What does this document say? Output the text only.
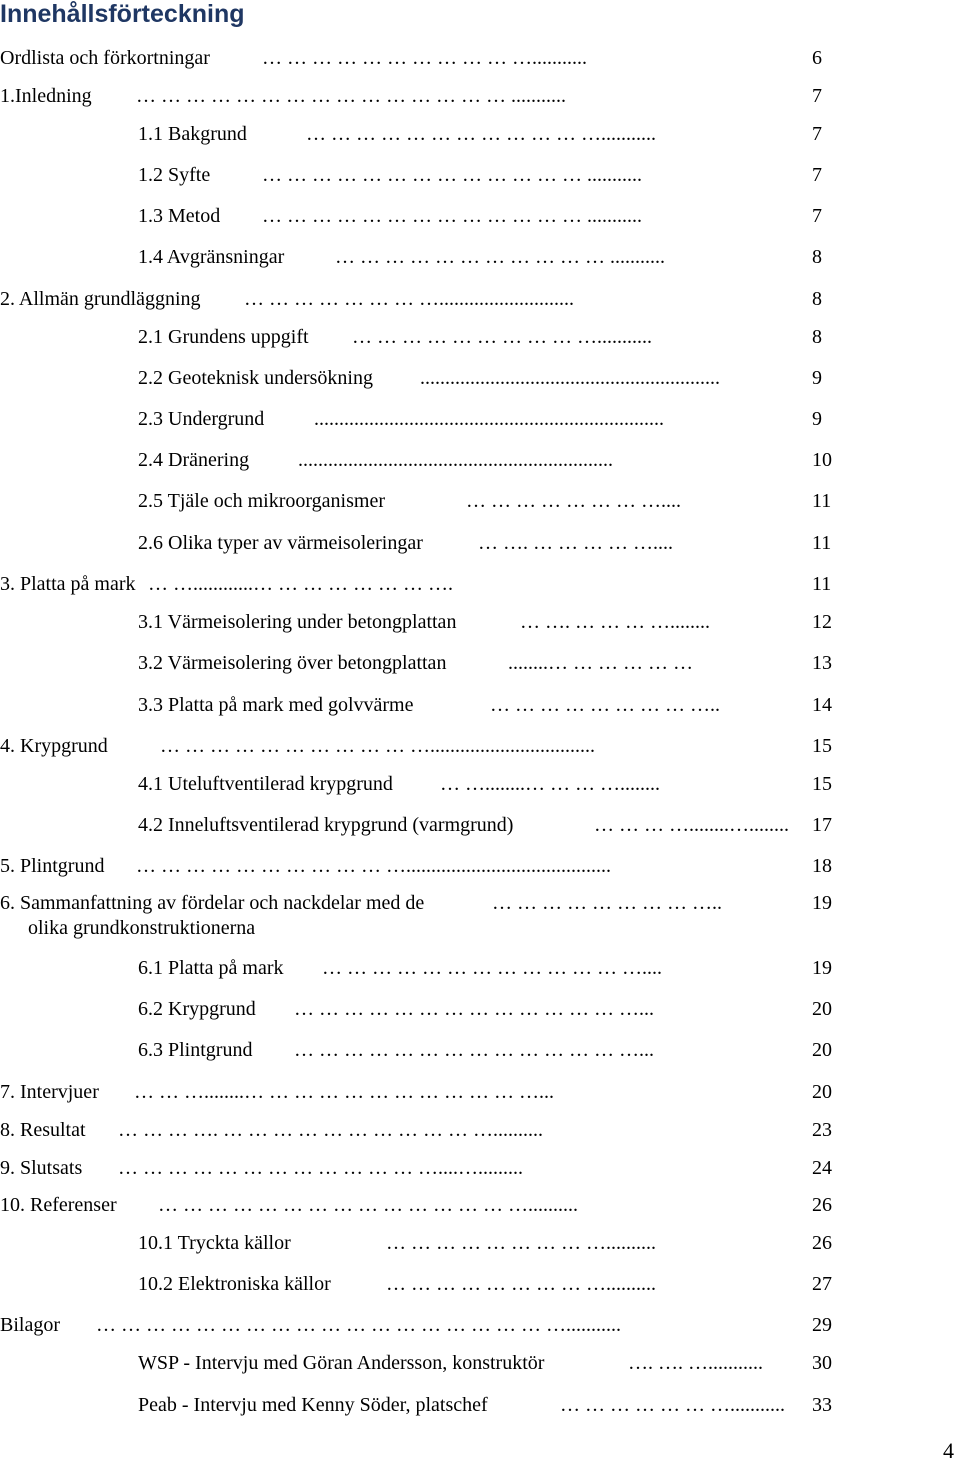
Innehållsförteckning
Ordlista och förkortningar	… … … … … … … … … … …...........	6
1.Inledning … … … … … … … … … … … … … … … ...........	7
1.1 Bakgrund	… … … … … … … … … … … …...........	7
1.2 Syfte	… … … … … … … … … … … … … ...........	7
1.3 Metod … … … … … … … … … … … … … ...........	7
1.4 Avgränsningar	… … … … … … … … … … … ...........	8
2. Allmän grundläggning … … … … … … … …...........................	8
2.1 Grundens uppgift … … … … … … … … … …...........	8
2.2 Geoteknisk undersökning ............................................................	9
2.3 Undergrund ......................................................................	9
2.4 Dränering ...............................................................	10
2.5 Tjäle och mikroorganismer	… … … … … … … …....	11
2.6 Olika typer av värmeisoleringar	… …. … … … … …....	11
3. Platta på mark … …............… … … … … … … ….	11
3.1 Värmeisolering under betongplattan	… …. … … … …........	12
3.2 Värmeisolering över betongplattan	........… … … … … …	13
3.3 Platta på mark med golvvärme	… … … … … … … … …..	14
4. Krypgrund	… … … … … … … … … … ….................................	15
4.1 Uteluftventilerad krypgrund … …........… … … …........	15
4.2 Inneluftsventilerad krypgrund (varmgrund)	… … … …........…........ 17
5. Plintgrund … … … … … … … … … … ….........................................	18
6. Sammanfattning av fördelar och nackdelar med de
olika grundkonstruktionerna
… … … … … … … … …..	19
6.1 Platta på mark … … … … … … … … … … … … …....	19
6.2 Krypgrund … … … … … … … … … … … … … …...	20
6.3 Plintgrund … … … … … … … … … … … … … …...	20
7. Intervjuer … … …........… … … … … … … … … … … …...	20
8. Resultat … … … …. … … … … … … … … … … …..........	23
9. Slutsats … … … … … … … … … … … … …....….........	24
10. Referenser … … … … … … … … … … … … … … …..........	26
10.1 Tryckta källor	… … … … … … … … …..........	26
10.2 Elektroniska källor	… … … … … … … … …..........	27
Bilagor … … … … … … … … … … … … … … … … … … …...........	29
WSP - Intervju med Göran Andersson, konstruktör	…. …. …...........	30
Peab - Intervju med Kenny Söder, platschef	… … … … … … …...........	33
4
